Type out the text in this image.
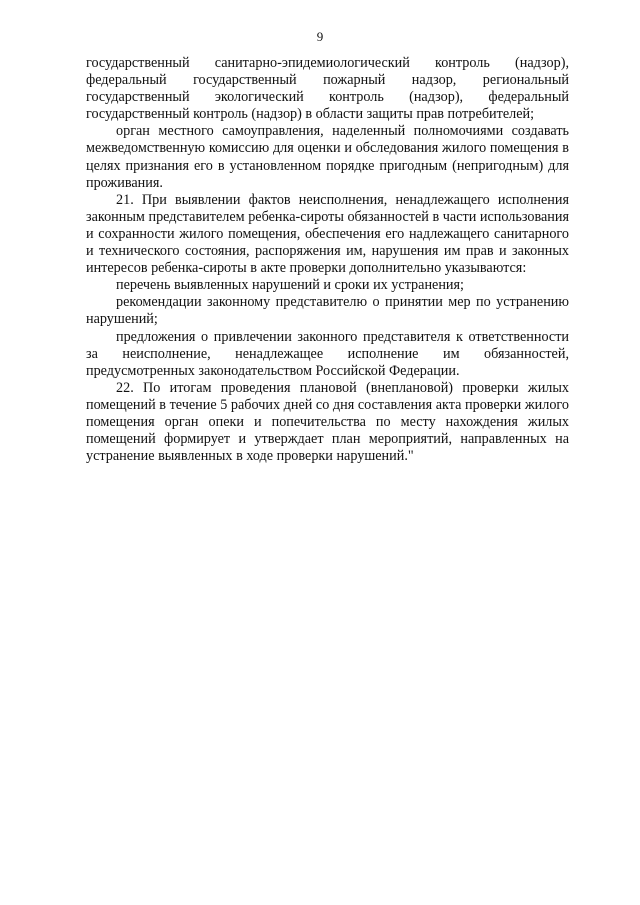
9

государственный санитарно-эпидемиологический контроль (надзор), федеральный государственный пожарный надзор, региональный государственный экологический контроль (надзор), федеральный государственный контроль (надзор) в области защиты прав потребителей;

орган местного самоуправления, наделенный полномочиями создавать межведомственную комиссию для оценки и обследования жилого помещения в целях признания его в установленном порядке пригодным (непригодным) для проживания.

21. При выявлении фактов неисполнения, ненадлежащего исполнения законным представителем ребенка-сироты обязанностей в части использования и сохранности жилого помещения, обеспечения его надлежащего санитарного и технического состояния, распоряжения им, нарушения им прав и законных интересов ребенка-сироты в акте проверки дополнительно указываются:

перечень выявленных нарушений и сроки их устранения;

рекомендации законному представителю о принятии мер по устранению нарушений;

предложения о привлечении законного представителя к ответственности за неисполнение, ненадлежащее исполнение им обязанностей, предусмотренных законодательством Российской Федерации.

22. По итогам проведения плановой (внеплановой) проверки жилых помещений в течение 5 рабочих дней со дня составления акта проверки жилого помещения орган опеки и попечительства по месту нахождения жилых помещений формирует и утверждает план мероприятий, направленных на устранение выявленных в ходе проверки нарушений."
